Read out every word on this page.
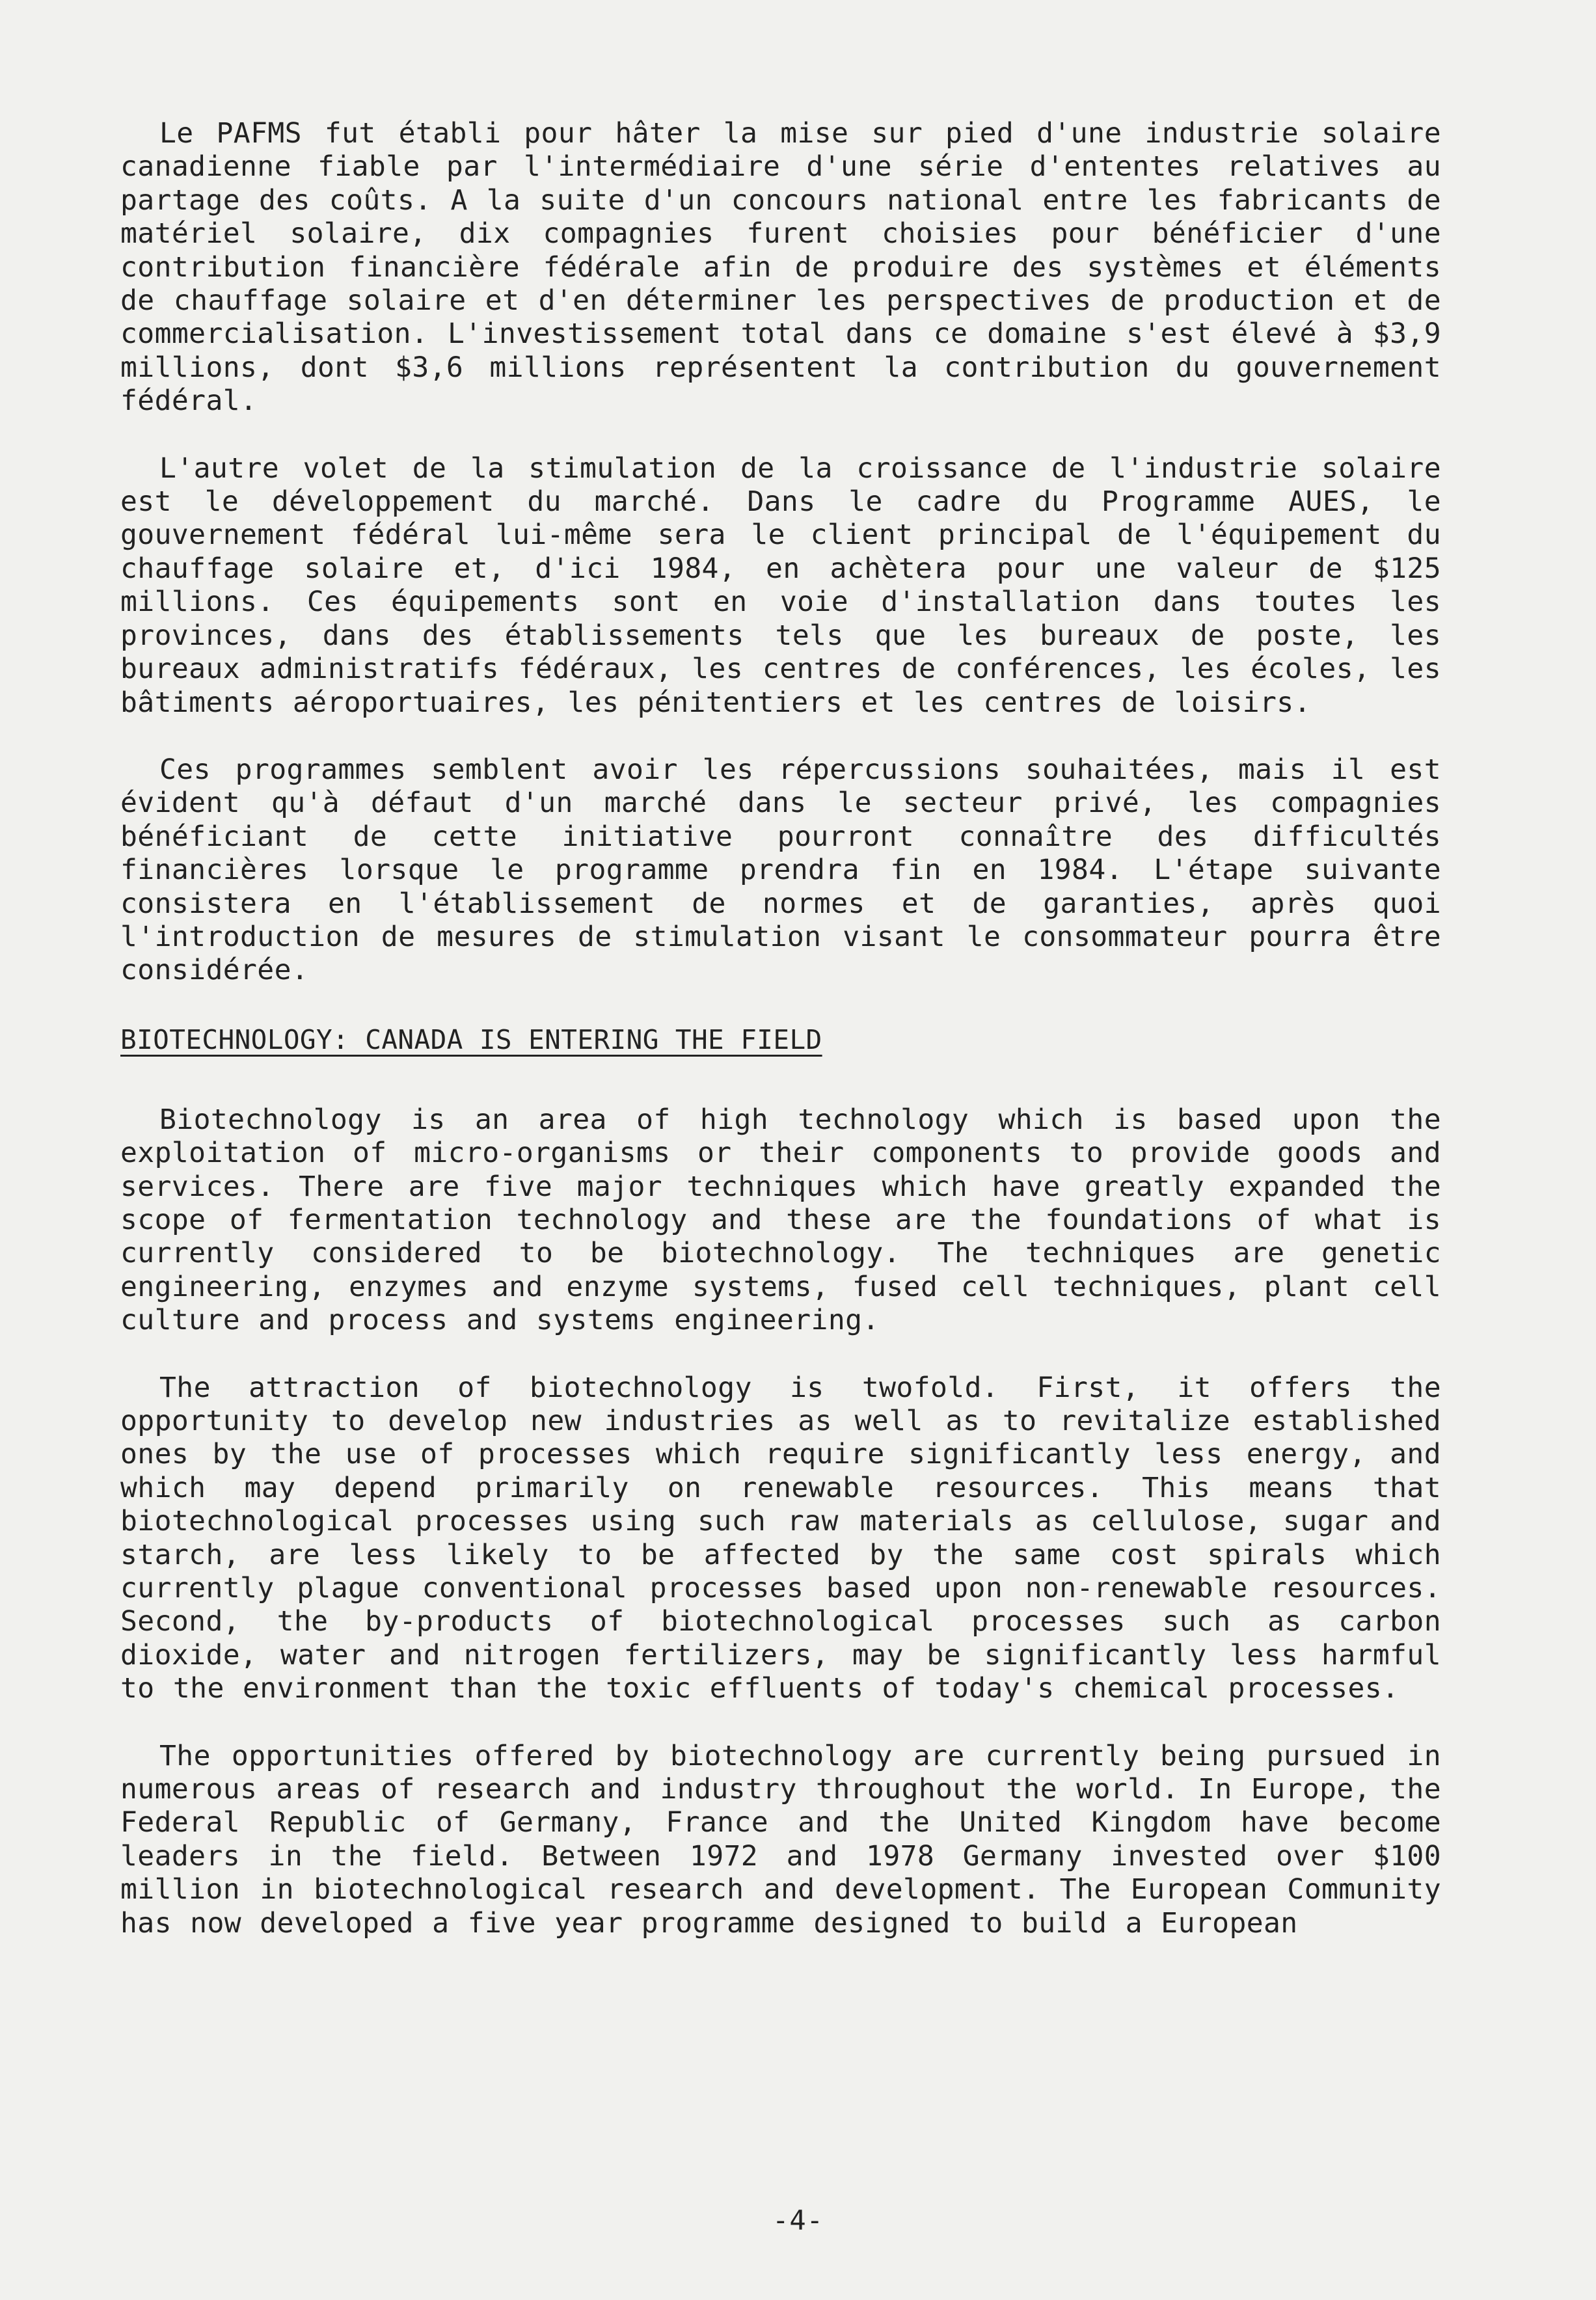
Le PAFMS fut établi pour hâter la mise sur pied d'une industrie solaire canadienne fiable par l'intermédiaire d'une série d'ententes relatives au partage des coûts. A la suite d'un concours national entre les fabricants de matériel solaire, dix compagnies furent choisies pour bénéficier d'une contribution financière fédérale afin de produire des systèmes et éléments de chauffage solaire et d'en déterminer les perspectives de production et de commercialisation. L'investissement total dans ce domaine s'est élevé à $3,9 millions, dont $3,6 millions représentent la contribution du gouvernement fédéral.

L'autre volet de la stimulation de la croissance de l'industrie solaire est le développement du marché. Dans le cadre du Programme AUES, le gouvernement fédéral lui-même sera le client principal de l'équipement du chauffage solaire et, d'ici 1984, en achètera pour une valeur de $125 millions. Ces équipements sont en voie d'installation dans toutes les provinces, dans des établissements tels que les bureaux de poste, les bureaux administratifs fédéraux, les centres de conférences, les écoles, les bâtiments aéroportuaires, les pénitentiers et les centres de loisirs.

Ces programmes semblent avoir les répercussions souhaitées, mais il est évident qu'à défaut d'un marché dans le secteur privé, les compagnies bénéficiant de cette initiative pourront connaître des difficultés financières lorsque le programme prendra fin en 1984. L'étape suivante consistera en l'établissement de normes et de garanties, après quoi l'introduction de mesures de stimulation visant le consommateur pourra être considérée.

BIOTECHNOLOGY: CANADA IS ENTERING THE FIELD

Biotechnology is an area of high technology which is based upon the exploitation of micro-organisms or their components to provide goods and services. There are five major techniques which have greatly expanded the scope of fermentation technology and these are the foundations of what is currently considered to be biotechnology. The techniques are genetic engineering, enzymes and enzyme systems, fused cell techniques, plant cell culture and process and systems engineering.

The attraction of biotechnology is twofold. First, it offers the opportunity to develop new industries as well as to revitalize established ones by the use of processes which require significantly less energy, and which may depend primarily on renewable resources. This means that biotechnological processes using such raw materials as cellulose, sugar and starch, are less likely to be affected by the same cost spirals which currently plague conventional processes based upon non-renewable resources. Second, the by-products of biotechnological processes such as carbon dioxide, water and nitrogen fertilizers, may be significantly less harmful to the environment than the toxic effluents of today's chemical processes.

The opportunities offered by biotechnology are currently being pursued in numerous areas of research and industry throughout the world. In Europe, the Federal Republic of Germany, France and the United Kingdom have become leaders in the field. Between 1972 and 1978 Germany invested over $100 million in biotechnological research and development. The European Community has now developed a five year programme designed to build a European

-4-
